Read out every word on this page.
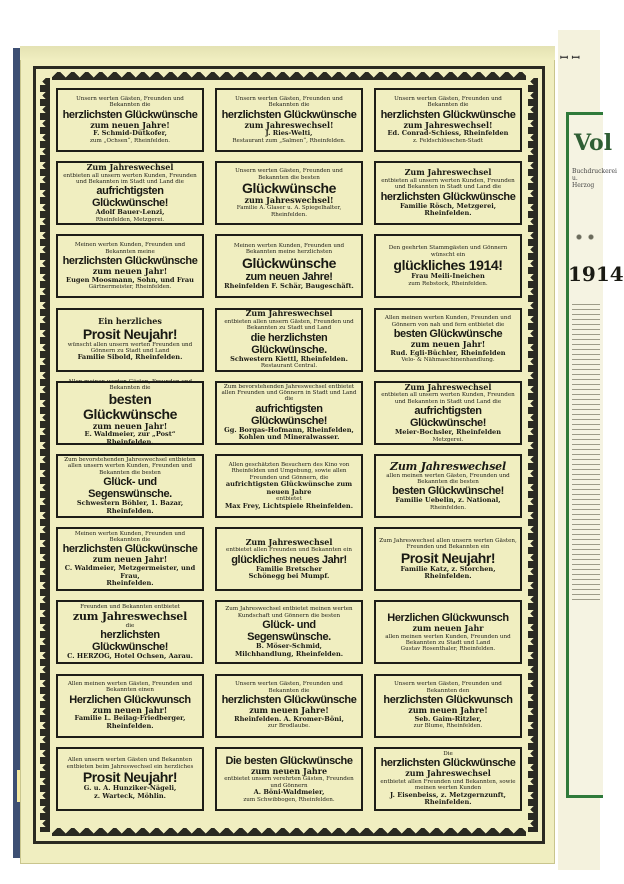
Unsern werten Gästen, Freunden und Bekannten die
herzlichsten Glückwünsche
zum neuen Jahre!
F. Schmid-Dütkofer,
zum „Ochsen“, Rheinfelden.
Unsern werten Gästen, Freunden und Bekannten die
herzlichsten Glückwünsche
zum Jahreswechsel!
J. Ries-Welti,
Restaurant zum „Salmen“, Rheinfelden.
Unsern werten Gästen, Freunden und Bekannten die
herzlichsten Glückwünsche
zum Jahreswechsel!
Ed. Conrad-Schiess, Rheinfelden
z. Feldschlösschen-Stadt
Zum Jahreswechsel
entbieten all unsern werten Kunden, Freunden und Bekannten im Stadt und Land die
aufrichtigsten Glückwünsche!
Adolf Bauer-Lenzi,
Rheinfelden, Metzgerei.
Unsern werten Gästen, Freunden und Bekannten die besten
Glückwünsche
zum Jahreswechsel!
Familie A. Glaser u. A. Spiegelhalter, Rheinfelden.
Zum Jahreswechsel
entbieten all unsern werten Kunden, Freunden und Bekannten in Stadt und Land die
herzlichsten Glückwünsche
Familie Rösch, Metzgerei,
Rheinfelden.
Meinen werten Kunden, Freunden und Bekannten meine
herzlichsten Glückwünsche
zum neuen Jahr!
Eugen Moosmann, Sohn, und Frau
Gärtnermeister, Rheinfelden.
Meinen werten Kunden, Freunden und Bekannten meine herzlichsten
Glückwünsche
zum neuen Jahre!
Rheinfelden F. Schär, Baugeschäft.
Den geehrten Stammgästen und Gönnern wünscht ein
glückliches 1914!
Frau Meili-Ineichen
zum Rebstock, Rheinfelden.
Ein herzliches
Prosit Neujahr!
wünscht allen unsern werten Freunden und Gönnern zu Stadt und Land
Familie Sibold, Rheinfelden.
Zum Jahreswechsel
entbieten allen unsern Gästen, Freunden und Bekannten zu Stadt und Land
die herzlichsten Glückwünsche.
Schwestern Kiettl, Rheinfelden.
Restaurant Central.
Allen meinen werten Kunden, Freunden und Gönnern von nah und fern entbietet die
besten Glückwünsche
zum neuen Jahr!
Rud. Egli-Büchler, Rheinfelden
Velo- & Nähmaschinenhandlung.
Allen meinen werten Gästen, Freunden und Bekannten die
besten Glückwünsche
zum neuen Jahr!
E. Waldmeier, zur „Post“
Rheinfelden.
Zum bevorstehenden Jahreswechsel entbietet allen Freunden und Gönnern in Stadt und Land die
aufrichtigsten Glückwünsche!
Gg. Borgas-Hofmann, Rheinfelden,
Kohlen und Mineralwasser.
Zum Jahreswechsel
entbieten all unsern werten Kunden, Freunden und Bekannten in Stadt und Land die
aufrichtigsten Glückwünsche!
Meier-Bochsler, Rheinfelden
Metzgerei.
Zum bevorstehenden Jahreswechsel entbieten allen unsern werten Kunden, Freunden und Bekannten die besten
Glück- und Segenswünsche.
Schwestern Böhler, 1. Bazar,
Rheinfelden.
Allen geschätzten Besuchern des Kino von Rheinfelden und Umgebung, sowie allen Freunden und Gönnern, die
aufrichtigsten Glückwünsche zum neuen Jahre
entbietet
Max Frey, Lichtspiele Rheinfelden.
Zum Jahreswechsel
allen meinen werten Gästen, Freunden und Bekannten die besten
besten Glückwünsche!
Familie Uebelin, z. National,
Rheinfelden.
Meinen werten Kunden, Freunden und Bekannten die
herzlichsten Glückwünsche
zum neuen Jahr!
C. Waldmeier, Metzgermeister, und Frau,
Rheinfelden.
Zum Jahreswechsel
entbietet allen Freunden und Bekannten ein
glückliches neues Jahr!
Familie Bretscher
Schönegg bei Mumpf.
Zum Jahreswechsel allen unsern werten Gästen, Freunden und Bekannten ein
Prosit Neujahr!
Familie Katz, z. Storchen,
Rheinfelden.
Freunden und Bekannten entbietet
zum Jahreswechsel
die
herzlichsten Glückwünsche!
C. HERZOG, Hotel Ochsen, Aarau.
Zum Jahreswechsel entbietet meinen werten Kundschaft und Gönnern die besten
Glück- und Segenswünsche.
B. Möser-Schmid,
Milchhandlung, Rheinfelden.
Herzlichen Glückwunsch
zum neuen Jahr
allen meinen werten Kunden, Freunden und Bekannten zu Stadt und Land
Gustav Rosenthaler, Rheinfelden.
Allen meinen werten Gästen, Freunden und Bekannten einen
Herzlichen Glückwunsch
zum neuen Jahr!
Familie L. Beilag-Friedberger,
Rheinfelden.
Unsern werten Gästen, Freunden und Bekannten die
herzlichsten Glückwünsche
zum neuen Jahre!
Rheinfelden. A. Kromer-Böni,
zur Brodlaube.
Unsern werten Gästen, Freunden und Bekannten den
herzlichsten Glückwunsch
zum neuen Jahre!
Seb. Gaim-Ritzler,
zur Blume, Rheinfelden.
Allen unsern werten Gästen und Bekannten entbieten beim Jahreswechsel ein herzliches
Prosit Neujahr!
G. u. A. Hunziker-Nägeli,
z. Warteck, Möhlin.
Die besten Glückwünsche
zum neuen Jahre
entbietet unsern verehrten Gästen, Freunden und Gönnern
A. Böni-Waldmeier,
zum Schwibbogen, Rheinfelden.
Die
herzlichsten Glückwünsche
zum Jahreswechsel
entbietet allen Freunden und Bekannten, sowie meinen werten Kunden
J. Eisenbeiss, z. Metzgernzunft, Rheinfelden.
ꟷ ꟷ
Vol
Buchdruckerei u. Herzog
1914
